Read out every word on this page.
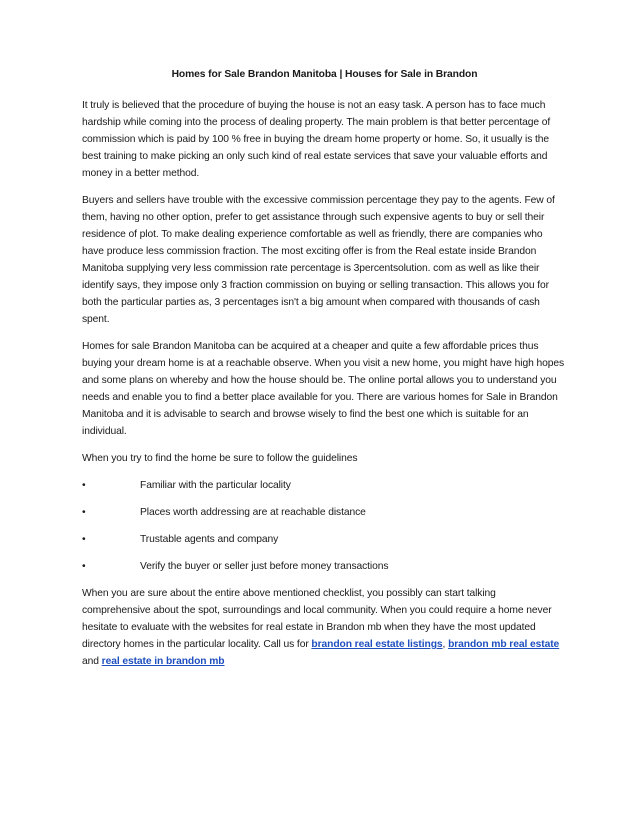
Homes for Sale Brandon Manitoba | Houses for Sale in Brandon

It truly is believed that the procedure of buying the house is not an easy task. A person has to face much hardship while coming into the process of dealing property. The main problem is that better percentage of commission which is paid by 100 % free in buying the dream home property or home. So, it usually is the best training to make picking an only such kind of real estate services that save your valuable efforts and money in a better method.

Buyers and sellers have trouble with the excessive commission percentage they pay to the agents. Few of them, having no other option, prefer to get assistance through such expensive agents to buy or sell their residence of plot. To make dealing experience comfortable as well as friendly, there are companies who have produce less commission fraction. The most exciting offer is from the Real estate inside Brandon Manitoba supplying very less commission rate percentage is 3percentsolution. com as well as like their identify says, they impose only 3 fraction commission on buying or selling transaction. This allows you for both the particular parties as, 3 percentages isn't a big amount when compared with thousands of cash spent.

Homes for sale Brandon Manitoba can be acquired at a cheaper and quite a few affordable prices thus buying your dream home is at a reachable observe. When you visit a new home, you might have high hopes and some plans on whereby and how the house should be. The online portal allows you to understand you needs and enable you to find a better place available for you. There are various homes for Sale in Brandon Manitoba and it is advisable to search and browse wisely to find the best one which is suitable for an individual.

When you try to find the home be sure to follow the guidelines

•	Familiar with the particular locality
•	Places worth addressing are at reachable distance
•	Trustable agents and company
•	Verify the buyer or seller just before money transactions

When you are sure about the entire above mentioned checklist, you possibly can start talking comprehensive about the spot, surroundings and local community. When you could require a home never hesitate to evaluate with the websites for real estate in Brandon mb when they have the most updated directory homes in the particular locality. Call us for brandon real estate listings, brandon mb real estate and real estate in brandon mb
